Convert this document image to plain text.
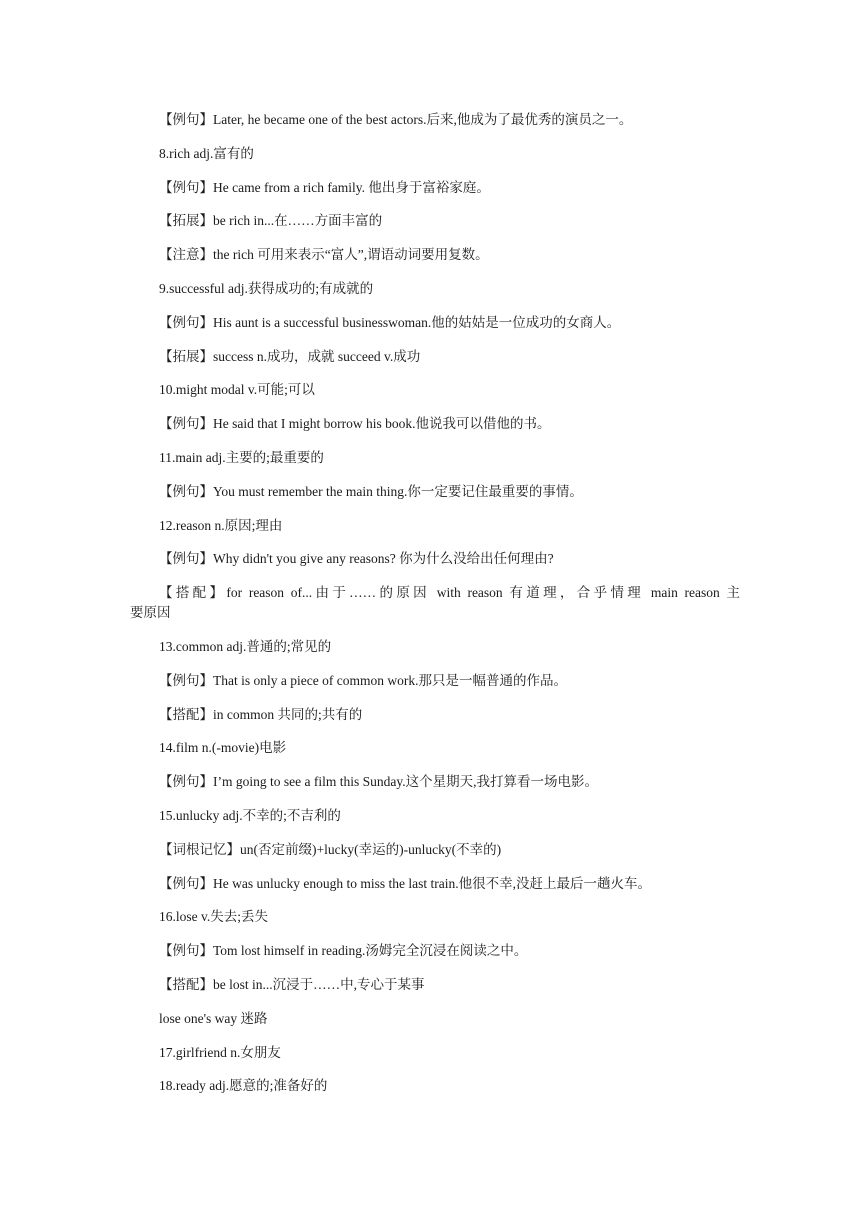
【例句】Later, he became one of the best actors.后来,他成为了最优秀的演员之一。

8.rich adj.富有的

【例句】He came from a rich family. 他出身于富裕家庭。

【拓展】be rich in...在……方面丰富的

【注意】the rich 可用来表示“富人”,谓语动词要用复数。

9.successful adj.获得成功的;有成就的

【例句】His aunt is a successful businesswoman.他的姑姑是一位成功的女商人。

【拓展】success n.成功，成就 succeed v.成功

10.might modal v.可能;可以

【例句】He said that I might borrow his book.他说我可以借他的书。

11.main adj.主要的;最重要的

【例句】You must remember the main thing.你一定要记住最重要的事情。

12.reason n.原因;理由

【例句】Why didn't you give any reasons? 你为什么没给出任何理由?

【搭配】for reason of...由于……的原因 with reason 有道理，合乎情理 main reason 主

要原因

13.common adj.普通的;常见的

【例句】That is only a piece of common work.那只是一幅普通的作品。

【搭配】in common 共同的;共有的

14.film n.(-movie)电影

【例句】I’m going to see a film this Sunday.这个星期天,我打算看一场电影。

15.unlucky adj.不幸的;不吉利的

【词根记忆】un(否定前缀)+lucky(幸运的)-unlucky(不幸的)

【例句】He was unlucky enough to miss the last train.他很不幸,没赶上最后一趟火车。

16.lose v.失去;丢失

【例句】Tom lost himself in reading.汤姆完全沉浸在阅读之中。

【搭配】be lost in...沉浸于……中,专心于某事

lose one's way 迷路

17.girlfriend n.女朋友

18.ready adj.愿意的;准备好的
